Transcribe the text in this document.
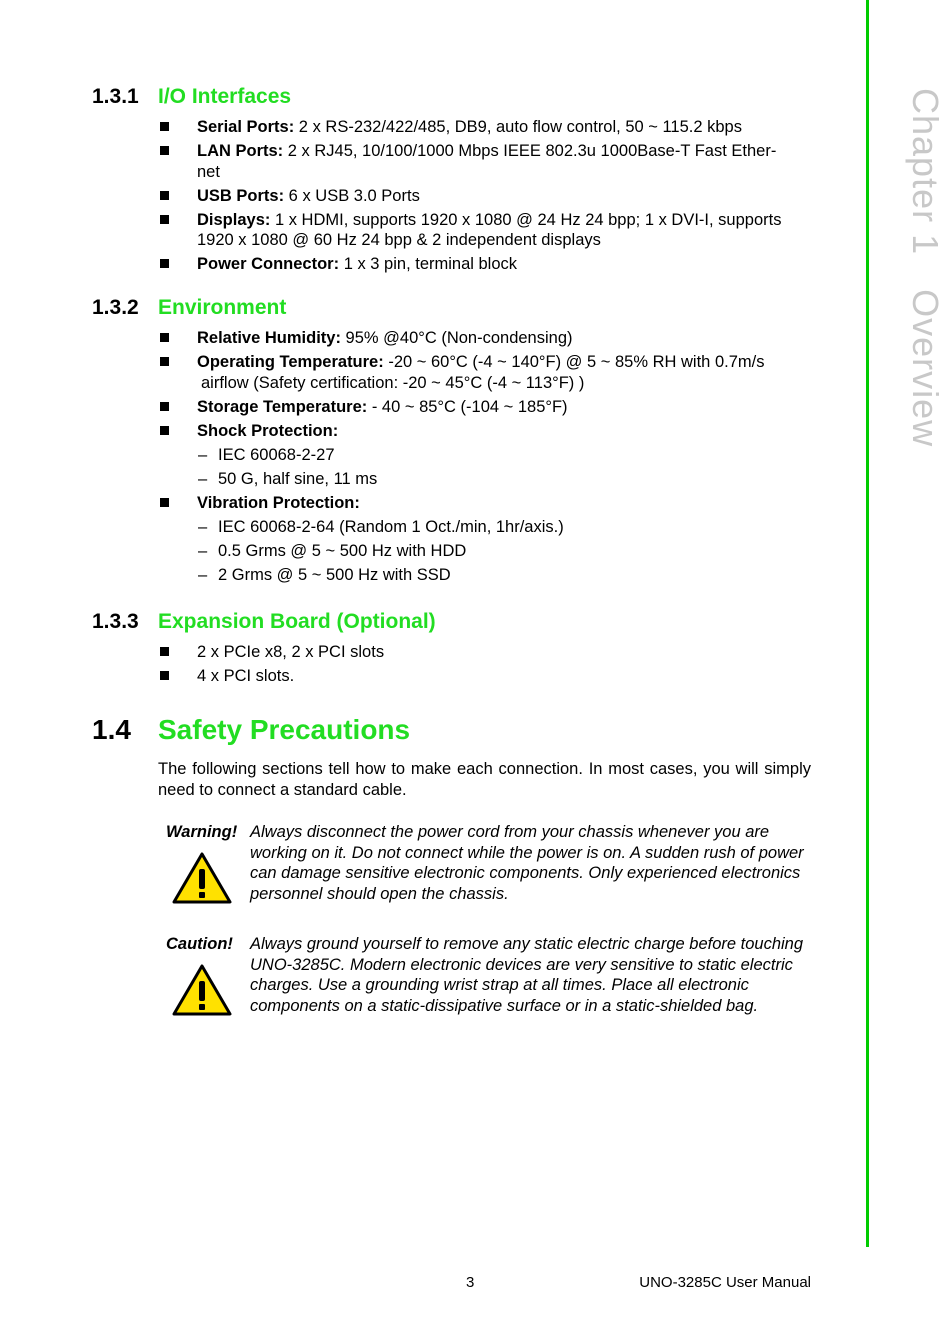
Chapter 1Overview
1.3.1 I/O Interfaces
Serial Ports: 2 x RS-232/422/485, DB9, auto flow control, 50 ~ 115.2 kbps
LAN Ports: 2 x RJ45, 10/100/1000 Mbps IEEE 802.3u 1000Base-T Fast Ether-
net
USB Ports: 6 x USB 3.0 Ports
Displays: 1 x HDMI, supports 1920 x 1080 @ 24 Hz 24 bpp; 1 x DVI-I, supports
1920 x 1080 @ 60 Hz 24 bpp & 2 independent displays
Power Connector: 1 x 3 pin, terminal block
1.3.2 Environment
Relative Humidity: 95% @40°C (Non-condensing)
Operating Temperature: -20 ~ 60°C (-4 ~ 140°F) @ 5 ~ 85% RH with 0.7m/s
airflow (Safety certification: -20 ~ 45°C (-4 ~ 113°F) )
Storage Temperature: - 40 ~ 85°C (-104 ~ 185°F)
Shock Protection:
– IEC 60068-2-27
– 50 G, half sine, 11 ms
Vibration Protection:
– IEC 60068-2-64 (Random 1 Oct./min, 1hr/axis.)
– 0.5 Grms @ 5 ~ 500 Hz with HDD
– 2 Grms @ 5 ~ 500 Hz with SSD
1.3.3 Expansion Board (Optional)
2 x PCIe x8, 2 x PCI slots
4 x PCI slots.
1.4 Safety Precautions
The following sections tell how to make each connection. In most cases, you will simply need to connect a standard cable.
Warning! Always disconnect the power cord from your chassis whenever you are working on it. Do not connect while the power is on. A sudden rush of power can damage sensitive electronic components. Only experienced electronics personnel should open the chassis.
Caution! Always ground yourself to remove any static electric charge before touching UNO-3285C. Modern electronic devices are very sensitive to static electric charges. Use a grounding wrist strap at all times. Place all electronic components on a static-dissipative surface or in a static-shielded bag.
3	UNO-3285C User Manual
